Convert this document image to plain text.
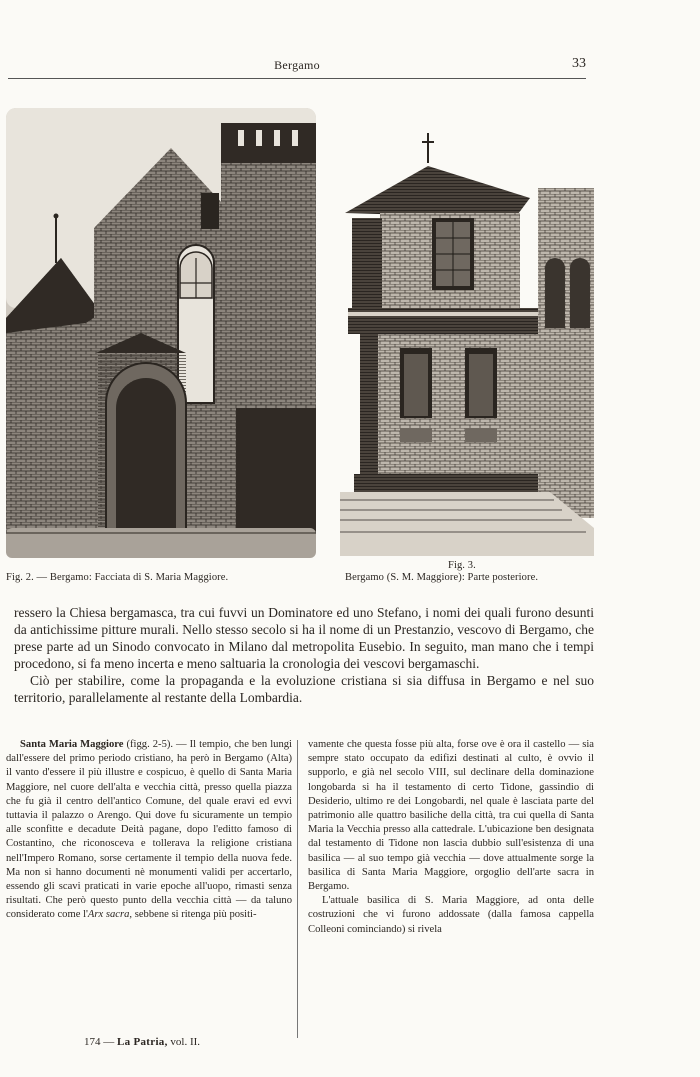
Bergamo	33
Fig. 2. — Bergamo: Facciata di S. Maria Maggiore.
Fig. 3.
Bergamo (S. M. Maggiore): Parte posteriore.

ressero la Chiesa bergamasca, tra cui fuvvi un Dominatore ed uno Stefano, i nomi dei quali furono desunti da antichissime pitture murali. Nello stesso secolo si ha il nome di un Prestanzio, vescovo di Bergamo, che prese parte ad un Sinodo convocato in Milano dal metropolita Eusebio. In seguito, man mano che i tempi procedono, si fa meno incerta e meno saltuaria la cronologia dei vescovi bergamaschi.

Ciò per stabilire, come la propaganda e la evoluzione cristiana si sia diffusa in Bergamo e nel suo territorio, parallelamente al restante della Lombardia.

Santa Maria Maggiore (figg. 2-5). — Il tempio, che ben lungi dall'essere del primo periodo cristiano, ha però in Bergamo (Alta) il vanto d'essere il più illustre e cospicuo, è quello di Santa Maria Maggiore, nel cuore dell'alta e vecchia città, presso quella piazza che fu già il centro dell'antico Comune, del quale eravi ed evvi tuttavia il palazzo o Arengo. Qui dove fu sicuramente un tempio alle sconfitte e decadute Deità pagane, dopo l'editto famoso di Costantino, che riconosceva e tollerava la religione cristiana nell'Impero Romano, sorse certamente il tempio della nuova fede. Ma non si hanno documenti nè monumenti validi per accertarlo, essendo gli scavi praticati in varie epoche all'uopo, rimasti senza risultati. Che però questo punto della vecchia città — da taluno considerato come l'Arx sacra, sebbene si ritenga più positi-

vamente che questa fosse più alta, forse ove è ora il castello — sia sempre stato occupato da edifizi destinati al culto, è ovvio il supporlo, e già nel secolo VIII, sul declinare della dominazione longobarda si ha il testamento di certo Tidone, gassindio di Desiderio, ultimo re dei Longobardi, nel quale è lasciata parte del patrimonio alle quattro basiliche della città, tra cui quella di Santa Maria la Vecchia presso alla cattedrale. L'ubicazione ben designata dal testamento di Tidone non lascia dubbio sull'esistenza di una basilica — al suo tempo già vecchia — dove attualmente sorge la basilica di Santa Maria Maggiore, orgoglio dell'arte sacra in Bergamo.

L'attuale basilica di S. Maria Maggiore, ad onta delle costruzioni che vi furono addossate (dalla famosa cappella Colleoni cominciando) si rivela

174 — La Patria, vol. II.
